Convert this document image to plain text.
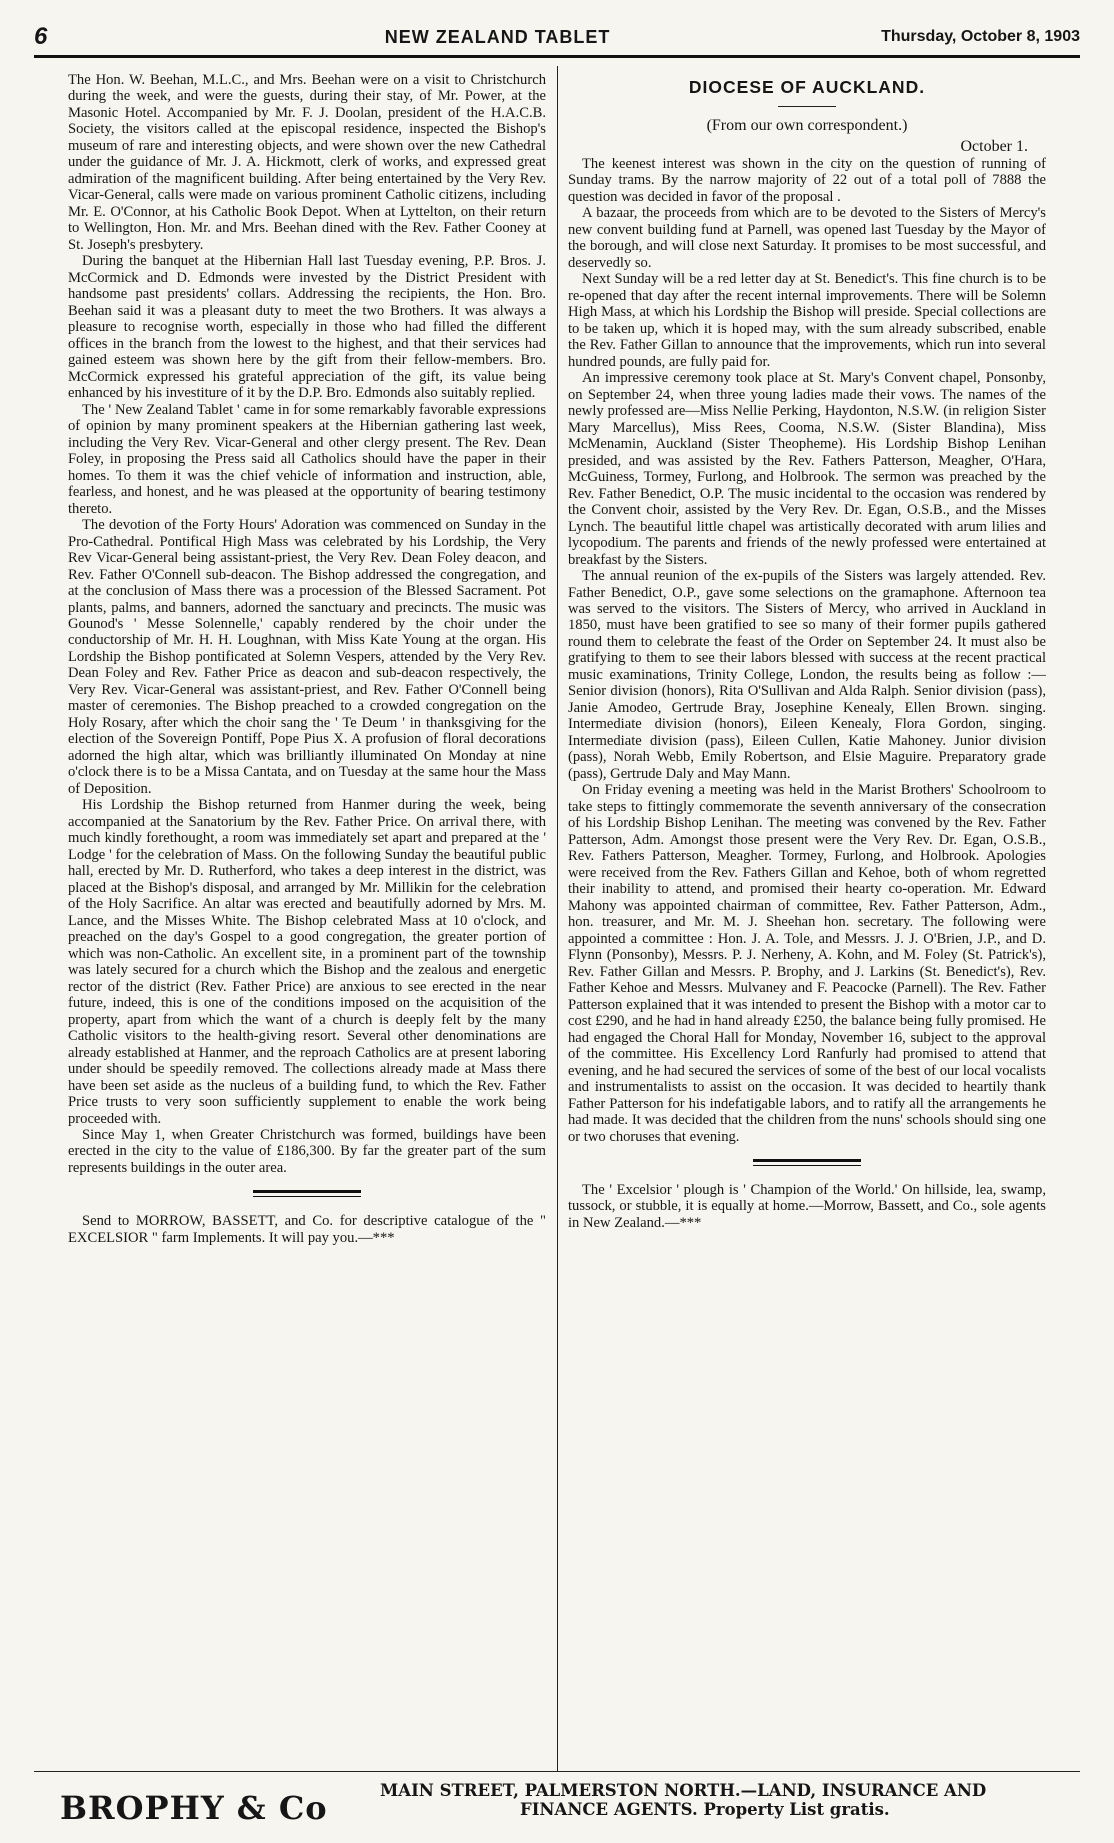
6	NEW ZEALAND TABLET	Thursday, October 8, 1903

The Hon. W. Beehan, M.L.C., and Mrs. Beehan were on a visit to Christchurch during the week, and were the guests, during their stay, of Mr. Power, at the Masonic Hotel. Accompanied by Mr. F. J. Doolan, president of the H.A.C.B. Society, the visitors called at the episcopal residence, inspected the Bishop's museum of rare and interesting objects, and were shown over the new Cathedral under the guidance of Mr. J. A. Hickmott, clerk of works, and expressed great admiration of the magnificent building. After being entertained by the Very Rev. Vicar-General, calls were made on various prominent Catholic citizens, including Mr. E. O'Connor, at his Catholic Book Depot. When at Lyttelton, on their return to Wellington, Hon. Mr. and Mrs. Beehan dined with the Rev. Father Cooney at St. Joseph's presbytery.

During the banquet at the Hibernian Hall last Tuesday evening, P.P. Bros. J. McCormick and D. Edmonds were invested by the District President with handsome past presidents' collars. Addressing the recipients, the Hon. Bro. Beehan said it was a pleasant duty to meet the two Brothers. It was always a pleasure to recognise worth, especially in those who had filled the different offices in the branch from the lowest to the highest, and that their services had gained esteem was shown here by the gift from their fellow-members. Bro. McCormick expressed his grateful appreciation of the gift, its value being enhanced by his investiture of it by the D.P. Bro. Edmonds also suitably replied.

The ' New Zealand Tablet ' came in for some remarkably favorable expressions of opinion by many prominent speakers at the Hibernian gathering last week, including the Very Rev. Vicar-General and other clergy present. The Rev. Dean Foley, in proposing the Press said all Catholics should have the paper in their homes. To them it was the chief vehicle of information and instruction, able, fearless, and honest, and he was pleased at the opportunity of bearing testimony thereto.

The devotion of the Forty Hours' Adoration was commenced on Sunday in the Pro-Cathedral. Pontifical High Mass was celebrated by his Lordship, the Very Rev Vicar-General being assistant-priest, the Very Rev. Dean Foley deacon, and Rev. Father O'Connell sub-deacon. The Bishop addressed the congregation, and at the conclusion of Mass there was a procession of the Blessed Sacrament. Pot plants, palms, and banners, adorned the sanctuary and precincts. The music was Gounod's ' Messe Solennelle,' capably rendered by the choir under the conductorship of Mr. H. H. Loughnan, with Miss Kate Young at the organ. His Lordship the Bishop pontificated at Solemn Vespers, attended by the Very Rev. Dean Foley and Rev. Father Price as deacon and sub-deacon respectively, the Very Rev. Vicar-General was assistant-priest, and Rev. Father O'Connell being master of ceremonies. The Bishop preached to a crowded congregation on the Holy Rosary, after which the choir sang the ' Te Deum ' in thanksgiving for the election of the Sovereign Pontiff, Pope Pius X. A profusion of floral decorations adorned the high altar, which was brilliantly illuminated On Monday at nine o'clock there is to be a Missa Cantata, and on Tuesday at the same hour the Mass of Deposition.

His Lordship the Bishop returned from Hanmer during the week, being accompanied at the Sanatorium by the Rev. Father Price. On arrival there, with much kindly forethought, a room was immediately set apart and prepared at the ' Lodge ' for the celebration of Mass. On the following Sunday the beautiful public hall, erected by Mr. D. Rutherford, who takes a deep interest in the district, was placed at the Bishop's disposal, and arranged by Mr. Millikin for the celebration of the Holy Sacrifice. An altar was erected and beautifully adorned by Mrs. M. Lance, and the Misses White. The Bishop celebrated Mass at 10 o'clock, and preached on the day's Gospel to a good congregation, the greater portion of which was non-Catholic. An excellent site, in a prominent part of the township was lately secured for a church which the Bishop and the zealous and energetic rector of the district (Rev. Father Price) are anxious to see erected in the near future, indeed, this is one of the conditions imposed on the acquisition of the property, apart from which the want of a church is deeply felt by the many Catholic visitors to the health-giving resort. Several other denominations are already established at Hanmer, and the reproach Catholics are at present laboring under should be speedily removed. The collections already made at Mass there have been set aside as the nucleus of a building fund, to which the Rev. Father Price trusts to very soon sufficiently supplement to enable the work being proceeded with.

Since May 1, when Greater Christchurch was formed, buildings have been erected in the city to the value of £186,300. By far the greater part of the sum represents buildings in the outer area.

Send to MORROW, BASSETT, and Co. for descriptive catalogue of the " EXCELSIOR " farm Implements. It will pay you.—***

DIOCESE OF AUCKLAND.
(From our own correspondent.)
October 1.

The keenest interest was shown in the city on the question of running of Sunday trams. By the narrow majority of 22 out of a total poll of 7888 the question was decided in favor of the proposal .

A bazaar, the proceeds from which are to be devoted to the Sisters of Mercy's new convent building fund at Parnell, was opened last Tuesday by the Mayor of the borough, and will close next Saturday. It promises to be most successful, and deservedly so.

Next Sunday will be a red letter day at St. Benedict's. This fine church is to be re-opened that day after the recent internal improvements. There will be Solemn High Mass, at which his Lordship the Bishop will preside. Special collections are to be taken up, which it is hoped may, with the sum already subscribed, enable the Rev. Father Gillan to announce that the improvements, which run into several hundred pounds, are fully paid for.

An impressive ceremony took place at St. Mary's Convent chapel, Ponsonby, on September 24, when three young ladies made their vows. The names of the newly professed are—Miss Nellie Perking, Haydonton, N.S.W. (in religion Sister Mary Marcellus), Miss Rees, Cooma, N.S.W. (Sister Blandina), Miss McMenamin, Auckland (Sister Theopheme). His Lordship Bishop Lenihan presided, and was assisted by the Rev. Fathers Patterson, Meagher, O'Hara, McGuiness, Tormey, Furlong, and Holbrook. The sermon was preached by the Rev. Father Benedict, O.P. The music incidental to the occasion was rendered by the Convent choir, assisted by the Very Rev. Dr. Egan, O.S.B., and the Misses Lynch. The beautiful little chapel was artistically decorated with arum lilies and lycopodium. The parents and friends of the newly professed were entertained at breakfast by the Sisters.

The annual reunion of the ex-pupils of the Sisters was largely attended. Rev. Father Benedict, O.P., gave some selections on the gramaphone. Afternoon tea was served to the visitors. The Sisters of Mercy, who arrived in Auckland in 1850, must have been gratified to see so many of their former pupils gathered round them to celebrate the feast of the Order on September 24. It must also be gratifying to them to see their labors blessed with success at the recent practical music examinations, Trinity College, London, the results being as follow :—Senior division (honors), Rita O'Sullivan and Alda Ralph. Senior division (pass), Janie Amodeo, Gertrude Bray, Josephine Kenealy, Ellen Brown. singing. Intermediate division (honors), Eileen Kenealy, Flora Gordon, singing. Intermediate division (pass), Eileen Cullen, Katie Mahoney. Junior division (pass), Norah Webb, Emily Robertson, and Elsie Maguire. Preparatory grade (pass), Gertrude Daly and May Mann.

On Friday evening a meeting was held in the Marist Brothers' Schoolroom to take steps to fittingly commemorate the seventh anniversary of the consecration of his Lordship Bishop Lenihan. The meeting was convened by the Rev. Father Patterson, Adm. Amongst those present were the Very Rev. Dr. Egan, O.S.B., Rev. Fathers Patterson, Meagher. Tormey, Furlong, and Holbrook. Apologies were received from the Rev. Fathers Gillan and Kehoe, both of whom regretted their inability to attend, and promised their hearty co-operation. Mr. Edward Mahony was appointed chairman of committee, Rev. Father Patterson, Adm., hon. treasurer, and Mr. M. J. Sheehan hon. secretary. The following were appointed a committee : Hon. J. A. Tole, and Messrs. J. J. O'Brien, J.P., and D. Flynn (Ponsonby), Messrs. P. J. Nerheny, A. Kohn, and M. Foley (St. Patrick's), Rev. Father Gillan and Messrs. P. Brophy, and J. Larkins (St. Benedict's), Rev. Father Kehoe and Messrs. Mulvaney and F. Peacocke (Parnell). The Rev. Father Patterson explained that it was intended to present the Bishop with a motor car to cost £290, and he had in hand already £250, the balance being fully promised. He had engaged the Choral Hall for Monday, November 16, subject to the approval of the committee. His Excellency Lord Ranfurly had promised to attend that evening, and he had secured the services of some of the best of our local vocalists and instrumentalists to assist on the occasion. It was decided to heartily thank Father Patterson for his indefatigable labors, and to ratify all the arrangements he had made. It was decided that the children from the nuns' schools should sing one or two choruses that evening.

The ' Excelsior ' plough is ' Champion of the World.' On hillside, lea, swamp, tussock, or stubble, it is equally at home.—Morrow, Bassett, and Co., sole agents in New Zealand.—***

BROPHY & Co	MAIN STREET, PALMERSTON NORTH.—LAND, INSURANCE AND
FINANCE AGENTS. Property List gratis.
